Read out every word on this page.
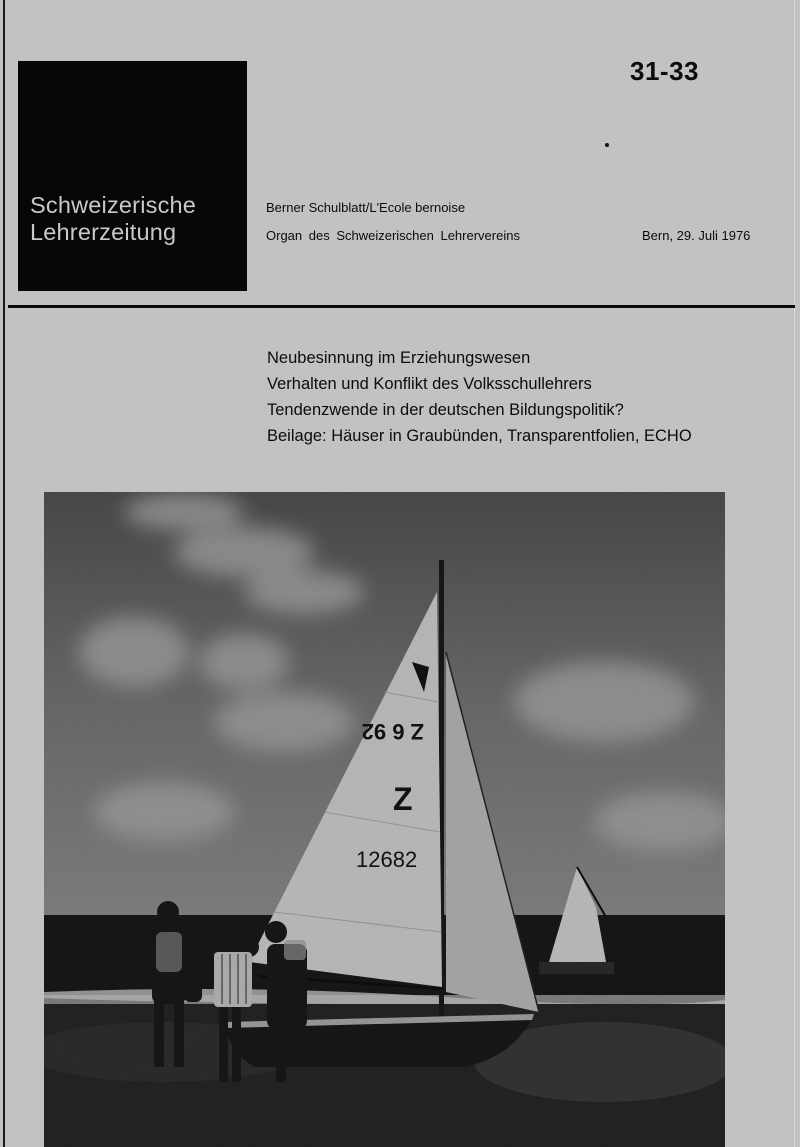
Schweizerische
Lehrerzeitung
31-33
Berner Schulblatt/L'Ecole bernoise
Organ des Schweizerischen Lehrervereins	Bern, 29. Juli 1976
Neubesinnung im Erziehungswesen
Verhalten und Konflikt des Volksschullehrers
Tendenzwende in der deutschen Bildungspolitik?
Beilage: Häuser in Graubünden, Transparentfolien, ECHO
Z 6 92
Z
12682
